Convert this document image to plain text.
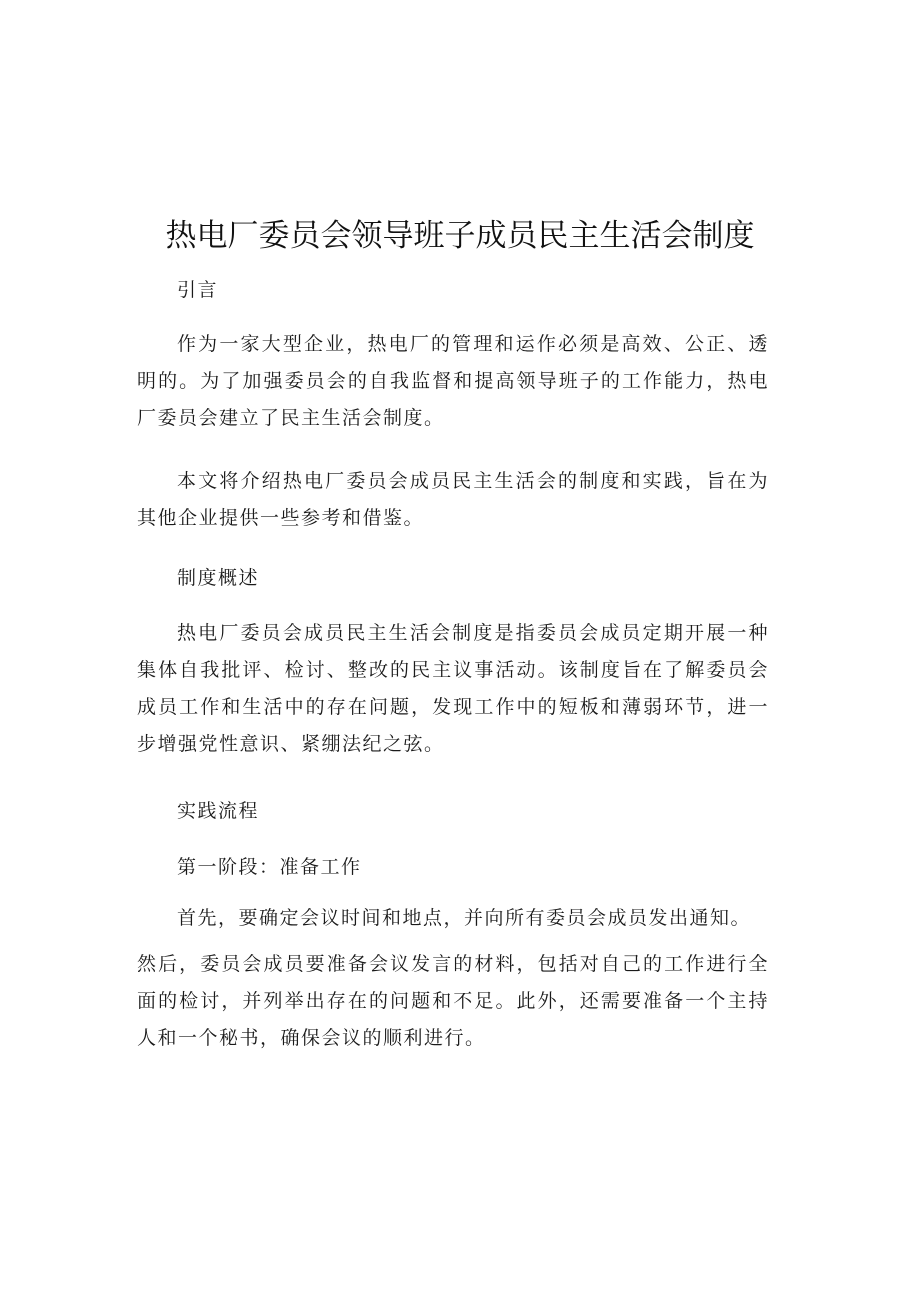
热电厂委员会领导班子成员民主生活会制度

引言

作为一家大型企业，热电厂的管理和运作必须是高效、公正、透明的。为了加强委员会的自我监督和提高领导班子的工作能力，热电厂委员会建立了民主生活会制度。

本文将介绍热电厂委员会成员民主生活会的制度和实践，旨在为其他企业提供一些参考和借鉴。

制度概述

热电厂委员会成员民主生活会制度是指委员会成员定期开展一种集体自我批评、检讨、整改的民主议事活动。该制度旨在了解委员会成员工作和生活中的存在问题，发现工作中的短板和薄弱环节，进一步增强党性意识、紧绷法纪之弦。

实践流程

第一阶段：准备工作

首先，要确定会议时间和地点，并向所有委员会成员发出通知。

然后，委员会成员要准备会议发言的材料，包括对自己的工作进行全面的检讨，并列举出存在的问题和不足。此外，还需要准备一个主持人和一个秘书，确保会议的顺利进行。
